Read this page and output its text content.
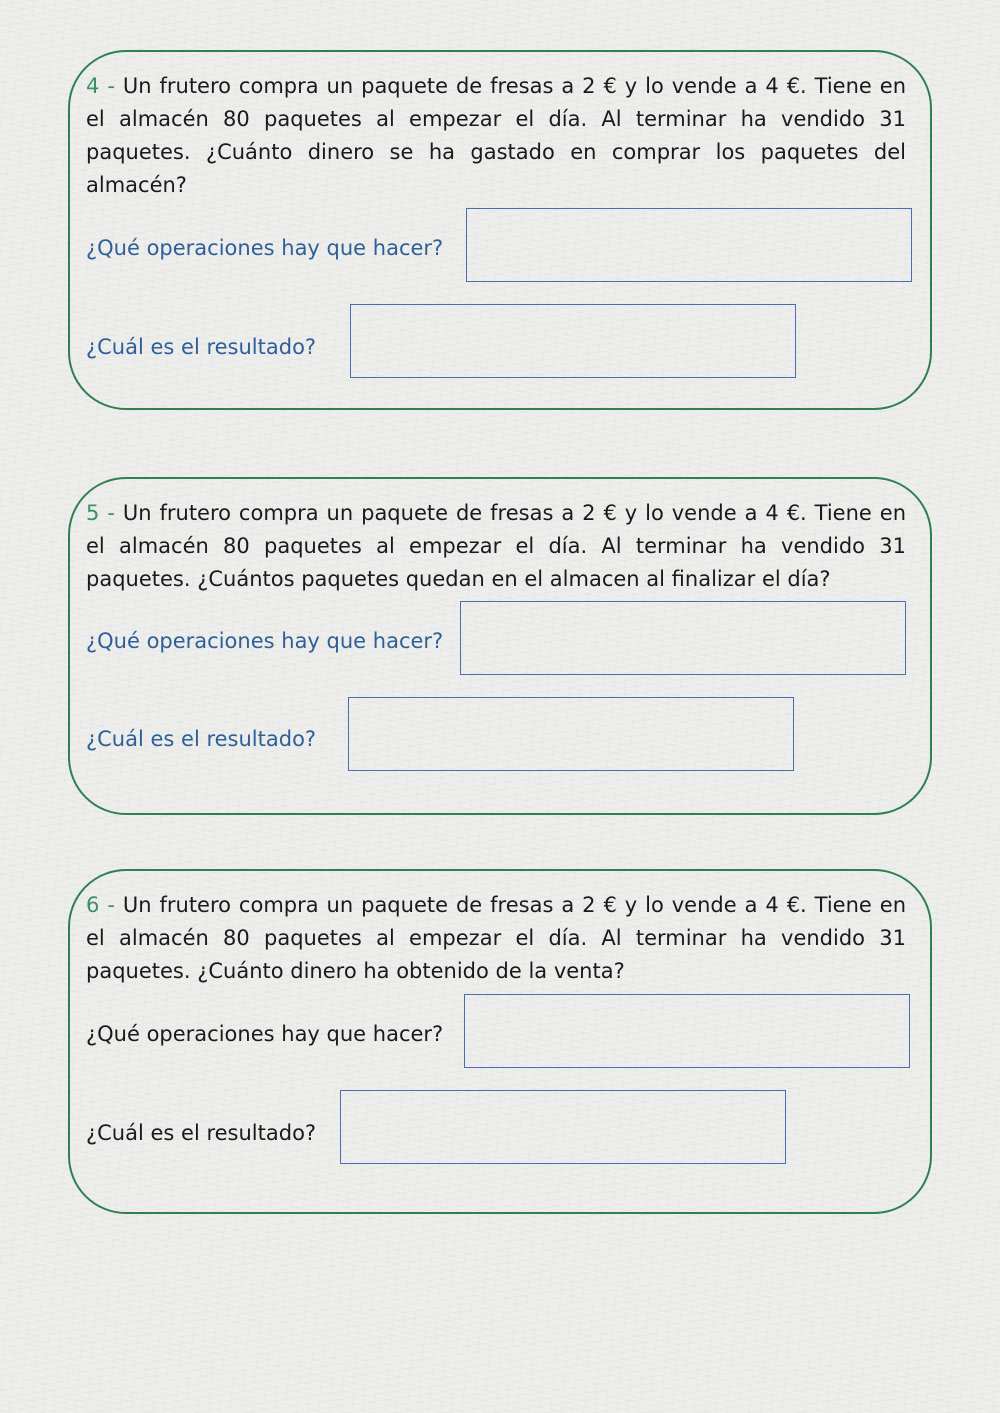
4 - Un frutero compra un paquete de fresas a 2 € y lo vende a 4 €. Tiene en el almacén 80 paquetes al empezar el día. Al terminar ha vendido 31 paquetes. ¿Cuánto dinero se ha gastado en comprar los paquetes del almacén?

¿Qué operaciones hay que hacer?

¿Cuál es el resultado?

5 - Un frutero compra un paquete de fresas a 2 € y lo vende a 4 €. Tiene en el almacén 80 paquetes al empezar el día. Al terminar ha vendido 31 paquetes. ¿Cuántos paquetes quedan en el almacen al finalizar el día?

¿Qué operaciones hay que hacer?

¿Cuál es el resultado?

6 - Un frutero compra un paquete de fresas a 2 € y lo vende a 4 €. Tiene en el almacén 80 paquetes al empezar el día. Al terminar ha vendido 31 paquetes. ¿Cuánto dinero ha obtenido de la venta?

¿Qué operaciones hay que hacer?

¿Cuál es el resultado?
